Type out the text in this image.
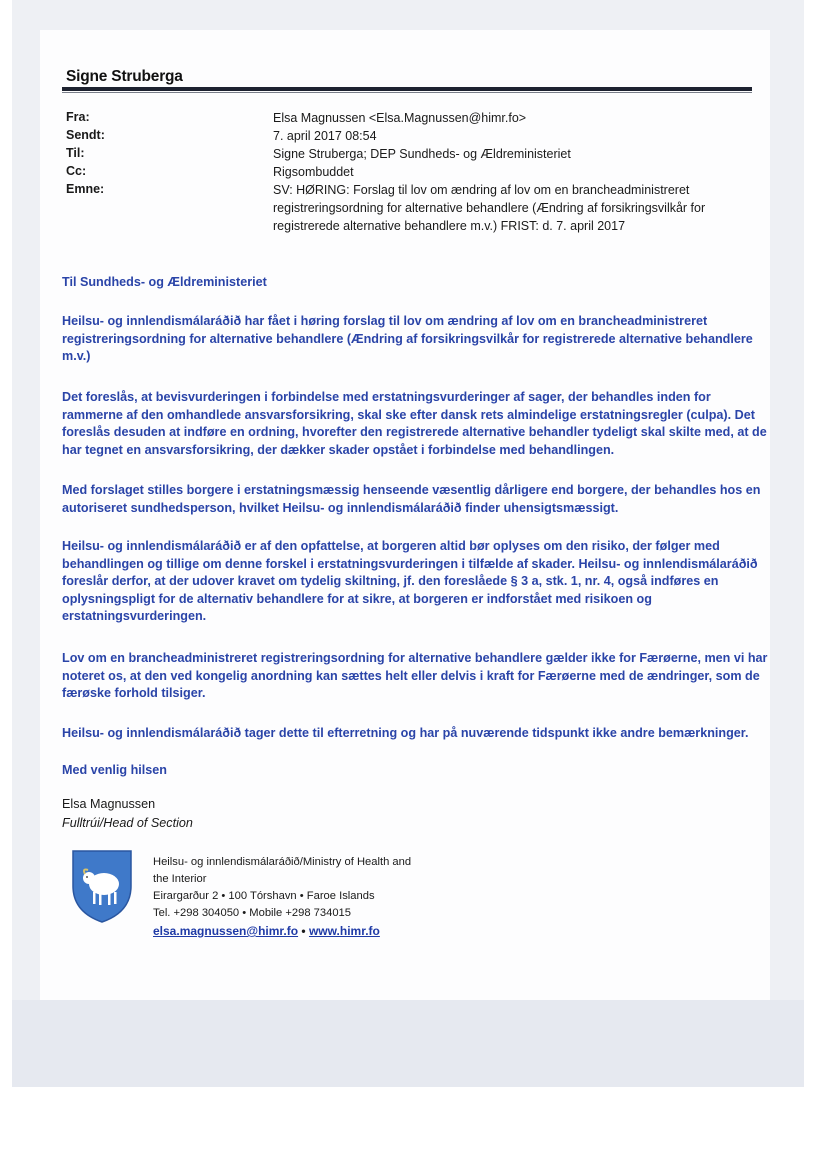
Signe Struberga
Fra:	Elsa Magnussen <Elsa.Magnussen@himr.fo>
Sendt:	7. april 2017 08:54
Til:	Signe Struberga; DEP Sundheds- og Ældreministeriet
Cc:	Rigsombuddet
Emne:	SV: HØRING: Forslag til lov om ændring af lov om en brancheadministreret registreringsordning for alternative behandlere (Ændring af forsikringsvilkår for registrerede alternative behandlere m.v.) FRIST: d. 7. april 2017

Til Sundheds- og Ældreministeriet

Heilsu- og innlendismálaráðið har fået i høring forslag til lov om ændring af lov om en brancheadministreret registreringsordning for alternative behandlere (Ændring af forsikringsvilkår for registrerede alternative behandlere m.v.)

Det foreslås, at bevisvurderingen i forbindelse med erstatningsvurderinger af sager, der behandles inden for rammerne af den omhandlede ansvarsforsikring, skal ske efter dansk rets almindelige erstatningsregler (culpa). Det foreslås desuden at indføre en ordning, hvorefter den registrerede alternative behandler tydeligt skal skilte med, at de har tegnet en ansvarsforsikring, der dækker skader opstået i forbindelse med behandlingen.

Med forslaget stilles borgere i erstatningsmæssig henseende væsentlig dårligere end borgere, der behandles hos en autoriseret sundhedsperson, hvilket Heilsu- og innlendismálaráðið finder uhensigtsmæssigt.

Heilsu- og innlendismálaráðið er af den opfattelse, at borgeren altid bør oplyses om den risiko, der følger med behandlingen og tillige om denne forskel i erstatningsvurderingen i tilfælde af skader. Heilsu- og innlendismálaráðið foreslår derfor, at der udover kravet om tydelig skiltning, jf. den foreslåede § 3 a, stk. 1, nr. 4, også indføres en oplysningspligt for de alternativ behandlere for at sikre, at borgeren er indforstået med risikoen og erstatningsvurderingen.

Lov om en brancheadministreret registreringsordning for alternative behandlere gælder ikke for Færøerne, men vi har noteret os, at den ved kongelig anordning kan sættes helt eller delvis i kraft for Færøerne med de ændringer, som de færøske forhold tilsiger.

Heilsu- og innlendismálaráðið tager dette til efterretning og har på nuværende tidspunkt ikke andre bemærkninger.

Med venlig hilsen

Elsa Magnussen
Fulltrúi/Head of Section
Heilsu- og innlendismálaráðið/Ministry of Health and
the Interior
Eirargarður 2 • 100 Tórshavn • Faroe Islands
Tel. +298 304050 • Mobile +298 734015
elsa.magnussen@himr.fo • www.himr.fo
